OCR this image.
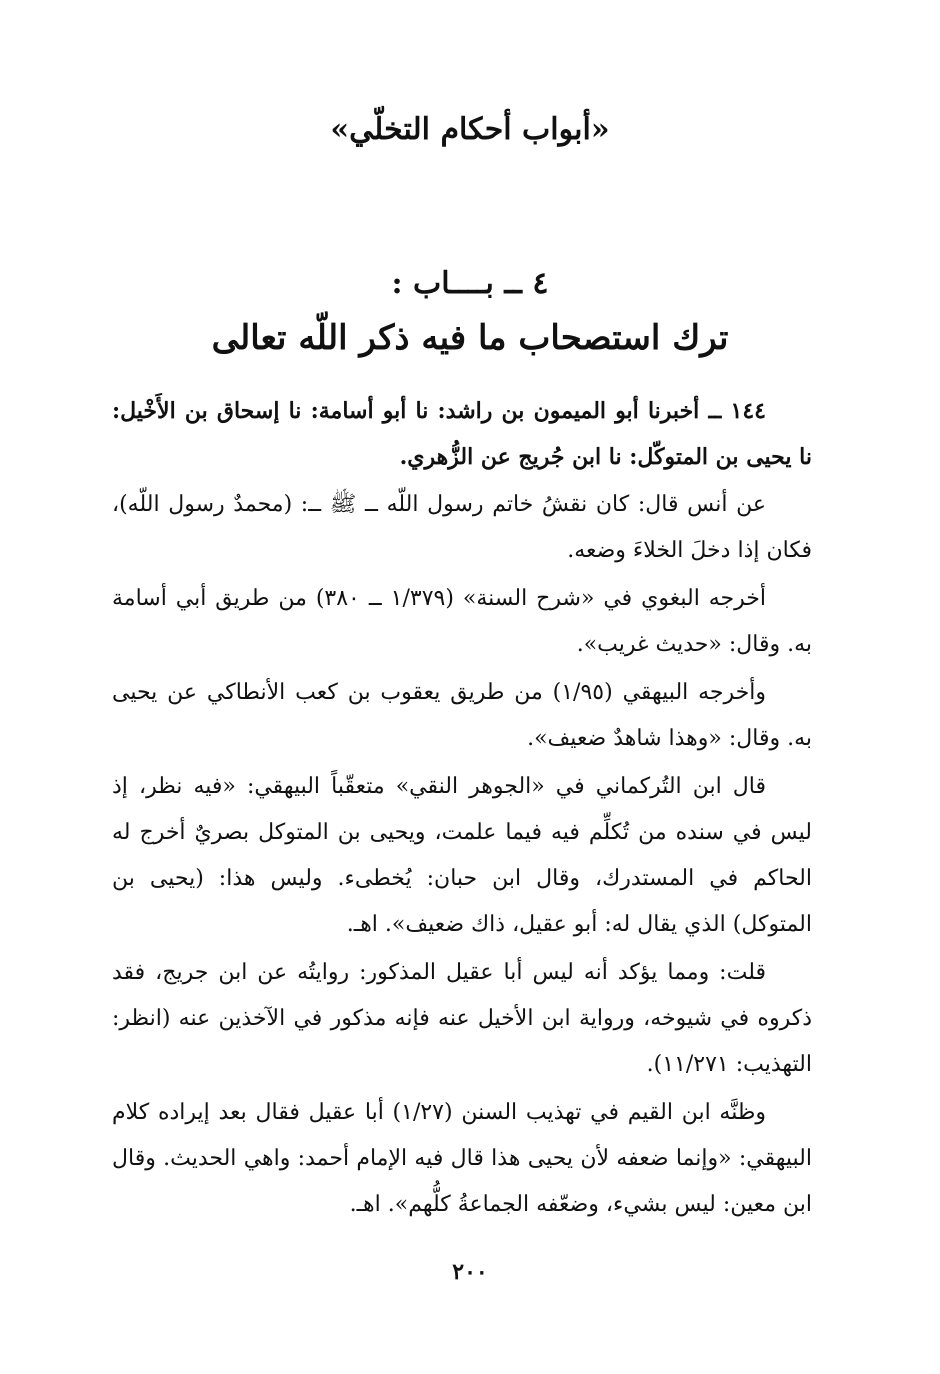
«أبواب أحكام التخلّي»
٤ ــ بــــاب :
ترك استصحاب ما فيه ذكر اللّه تعالى

١٤٤ ــ أخبرنا أبو الميمون بن راشد: نا أبو أسامة: نا إسحاق بن الأَخْيل: نا يحيى بن المتوكّل: نا ابن جُريج عن الزُّهري.

عن أنس قال: كان نقشُ خاتم رسول اللّه ــ ﷺ ــ: (محمدٌ رسول اللّه)، فكان إذا دخلَ الخلاءَ وضعه.

أخرجه البغوي في «شرح السنة» (١/٣٧٩ ــ ٣٨٠) من طريق أبي أسامة به. وقال: «حديث غريب».

وأخرجه البيهقي (١/٩٥) من طريق يعقوب بن كعب الأنطاكي عن يحيى به. وقال: «وهذا شاهدٌ ضعيف».

قال ابن التُركماني في «الجوهر النقي» متعقّباً البيهقي: «فيه نظر، إذ ليس في سنده من تُكلِّم فيه فيما علمت، ويحيى بن المتوكل بصريٌ أخرج له الحاكم في المستدرك، وقال ابن حبان: يُخطىء. وليس هذا: (يحيى بن المتوكل) الذي يقال له: أبو عقيل، ذاك ضعيف». اهـ.

قلت: ومما يؤكد أنه ليس أبا عقيل المذكور: روايتُه عن ابن جريج، فقد ذكروه في شيوخه، ورواية ابن الأخيل عنه فإنه مذكور في الآخذين عنه (انظر: التهذيب: ١١/٢٧١).

وظنَّه ابن القيم في تهذيب السنن (١/٢٧) أبا عقيل فقال بعد إيراده كلام البيهقي: «وإنما ضعفه لأن يحيى هذا قال فيه الإمام أحمد: واهي الحديث. وقال ابن معين: ليس بشيء، وضعّفه الجماعةُ كلُّهم». اهـ.

٢٠٠
